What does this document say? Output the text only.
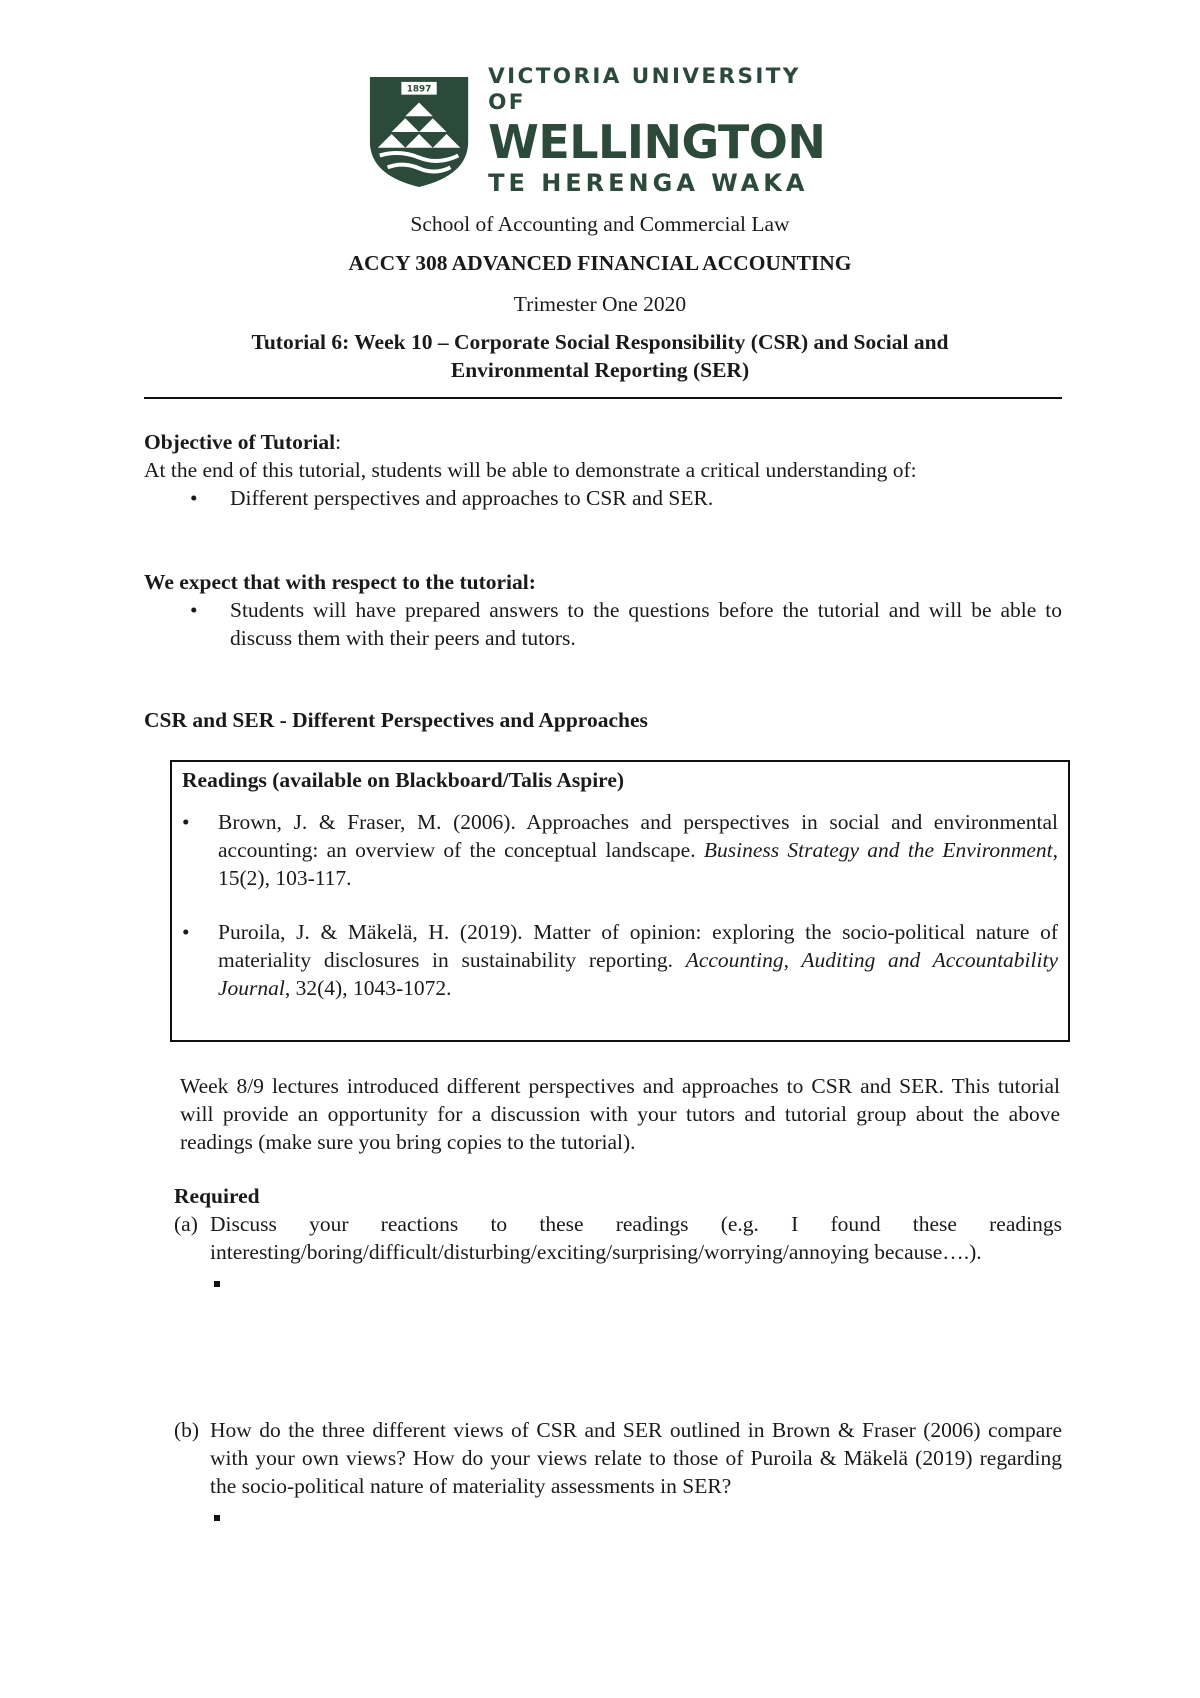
1897
VICTORIA UNIVERSITY OF
WELLINGTON
TE HERENGA WAKA
School of Accounting and Commercial Law
ACCY 308 ADVANCED FINANCIAL ACCOUNTING
Trimester One 2020
Tutorial 6: Week 10 – Corporate Social Responsibility (CSR) and Social and Environmental Reporting (SER)
Objective of Tutorial:
At the end of this tutorial, students will be able to demonstrate a critical understanding of:
• Different perspectives and approaches to CSR and SER.
We expect that with respect to the tutorial:
• Students will have prepared answers to the questions before the tutorial and will be able to discuss them with their peers and tutors.
CSR and SER - Different Perspectives and Approaches
Readings (available on Blackboard/Talis Aspire)
• Brown, J. & Fraser, M. (2006). Approaches and perspectives in social and environmental accounting: an overview of the conceptual landscape. Business Strategy and the Environment, 15(2), 103-117.
• Puroila, J. & Mäkelä, H. (2019). Matter of opinion: exploring the socio-political nature of materiality disclosures in sustainability reporting. Accounting, Auditing and Accountability Journal, 32(4), 1043-1072.
Week 8/9 lectures introduced different perspectives and approaches to CSR and SER. This tutorial will provide an opportunity for a discussion with your tutors and tutorial group about the above readings (make sure you bring copies to the tutorial).
Required
(a) Discuss your reactions to these readings (e.g. I found these readings interesting/boring/difficult/disturbing/exciting/surprising/worrying/annoying because….).
(b) How do the three different views of CSR and SER outlined in Brown & Fraser (2006) compare with your own views? How do your views relate to those of Puroila & Mäkelä (2019) regarding the socio-political nature of materiality assessments in SER?
